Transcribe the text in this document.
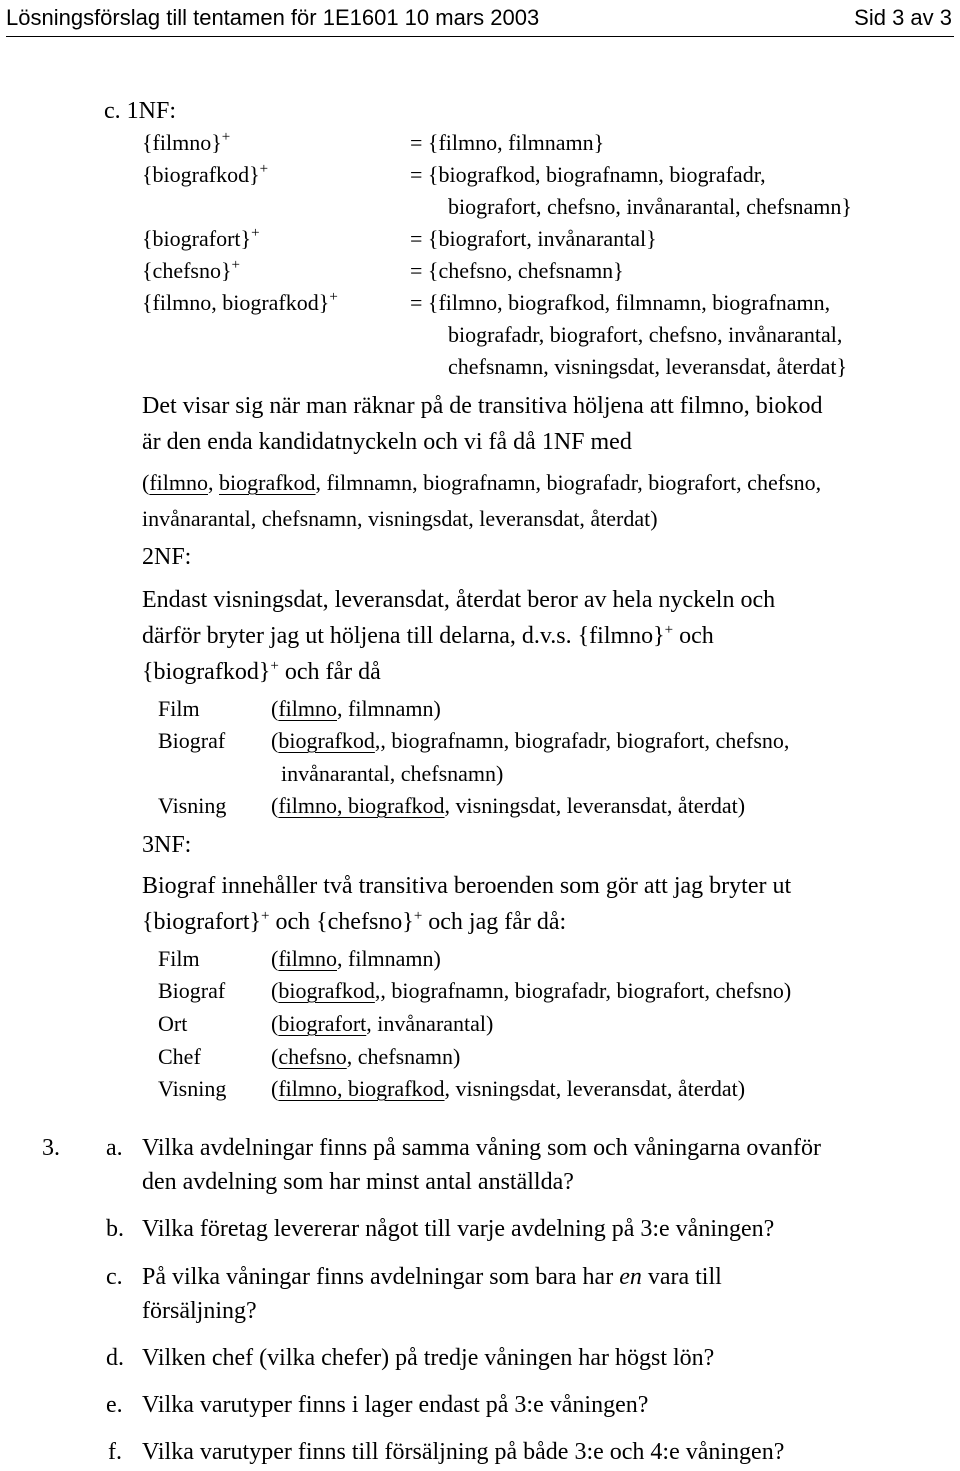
Lösningsförslag till tentamen för 1E1601 10 mars 2003	Sid 3 av 3
c. 1NF:
{filmno}+	= {filmno, filmnamn}
{biografkod}+	= {biografkod, biografnamn, biografadr,
biografort, chefsno, invånarantal, chefsnamn}
{biografort}+	= {biografort, invånarantal}
{chefsno}+	= {chefsno, chefsnamn}
{filmno, biografkod}+	= {filmno, biografkod, filmnamn, biografnamn,
biografadr, biografort, chefsno, invånarantal,
chefsnamn, visningsdat, leveransdat, återdat}
Det visar sig när man räknar på de transitiva höljena att filmno, biokod
är den enda kandidatnyckeln och vi få då 1NF med
(filmno, biografkod, filmnamn, biografnamn, biografadr, biografort, chefsno,
invånarantal, chefsnamn, visningsdat, leveransdat, återdat)
2NF:
Endast visningsdat, leveransdat, återdat beror av hela nyckeln och
därför bryter jag ut höljena till delarna, d.v.s. {filmno}+ och
{biografkod}+ och får då
Film	(filmno, filmnamn)
Biograf (biografkod,, biografnamn, biografadr, biografort, chefsno,
invånarantal, chefsnamn)
Visning (filmno, biografkod, visningsdat, leveransdat, återdat)
3NF:
Biograf innehåller två transitiva beroenden som gör att jag bryter ut
{biografort}+ och {chefsno}+ och jag får då:
Film	(filmno, filmnamn)
Biograf (biografkod,, biografnamn, biografadr, biografort, chefsno)
Ort	(biografort, invånarantal)
Chef	(chefsno, chefsnamn)
Visning (filmno, biografkod, visningsdat, leveransdat, återdat)
3. a. Vilka avdelningar finns på samma våning som och våningarna ovanför
den avdelning som har minst antal anställda?
b. Vilka företag levererar något till varje avdelning på 3:e våningen?
c. På vilka våningar finns avdelningar som bara har en vara till
försäljning?
d. Vilken chef (vilka chefer) på tredje våningen har högst lön?
e. Vilka varutyper finns i lager endast på 3:e våningen?
f. Vilka varutyper finns till försäljning på både 3:e och 4:e våningen?
